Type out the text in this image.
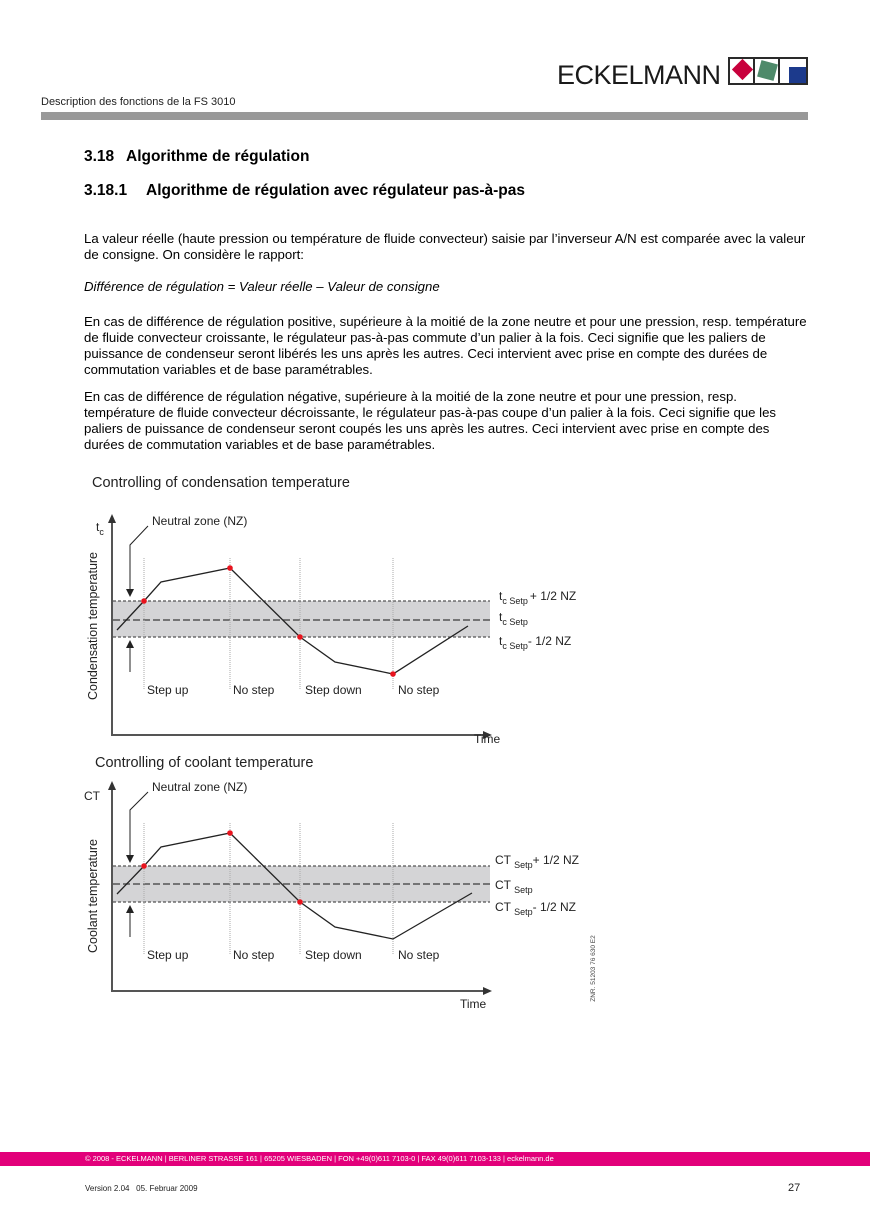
ECKELMANN
Description des fonctions de la FS 3010
3.18 Algorithme de régulation
3.18.1 Algorithme de régulation avec régulateur pas-à-pas

La valeur réelle (haute pression ou température de fluide convecteur) saisie par l’inverseur A/N est comparée avec la valeur de consigne. On considère le rapport:

Différence de régulation = Valeur réelle – Valeur de consigne

En cas de différence de régulation positive, supérieure à la moitié de la zone neutre et pour une pression, resp. température de fluide convecteur croissante, le régulateur pas-à-pas commute d’un palier à la fois. Ceci signifie que les paliers de puissance de condenseur seront libérés les uns après les autres. Ceci intervient avec prise en compte des durées de commutation variables et de base paramétrables.

En cas de différence de régulation négative, supérieure à la moitié de la zone neutre et pour une pression, resp. température de fluide convecteur décroissante, le régulateur pas-à-pas coupe d’un palier à la fois. Ceci signifie que les paliers de puissance de condenseur seront coupés les uns après les autres. Ceci intervient avec prise en compte des durées de commutation variables et de base paramétrables.

Controlling of condensation temperature
$t_c$
Time
Condensation temperature
Neutral zone (NZ)
Step up	No step	Step down	No step
$t_{c Setp} + 1/2$ NZ
$t_{c Setp}$
$t_{c Setp}-$ 1/2 NZ
Controlling of coolant temperature
CT
Time
Coolant temperature
Neutral zone (NZ)
Step up	No step	Step down	No step
CT $_{Setp}$+ 1/2 NZ
CT $_{Setp}$
CT $_{Setp}$- 1/2 NZ
ZNR. 51203 76 630 E2
© 2008 - ECKELMANN | BERLINER STRASSE 161 | 65205 WIESBADEN | FON +49(0)611 7103-0 | FAX 49(0)611 7103-133 | eckelmann.de
Version 2.04   05. Februar 2009	27
